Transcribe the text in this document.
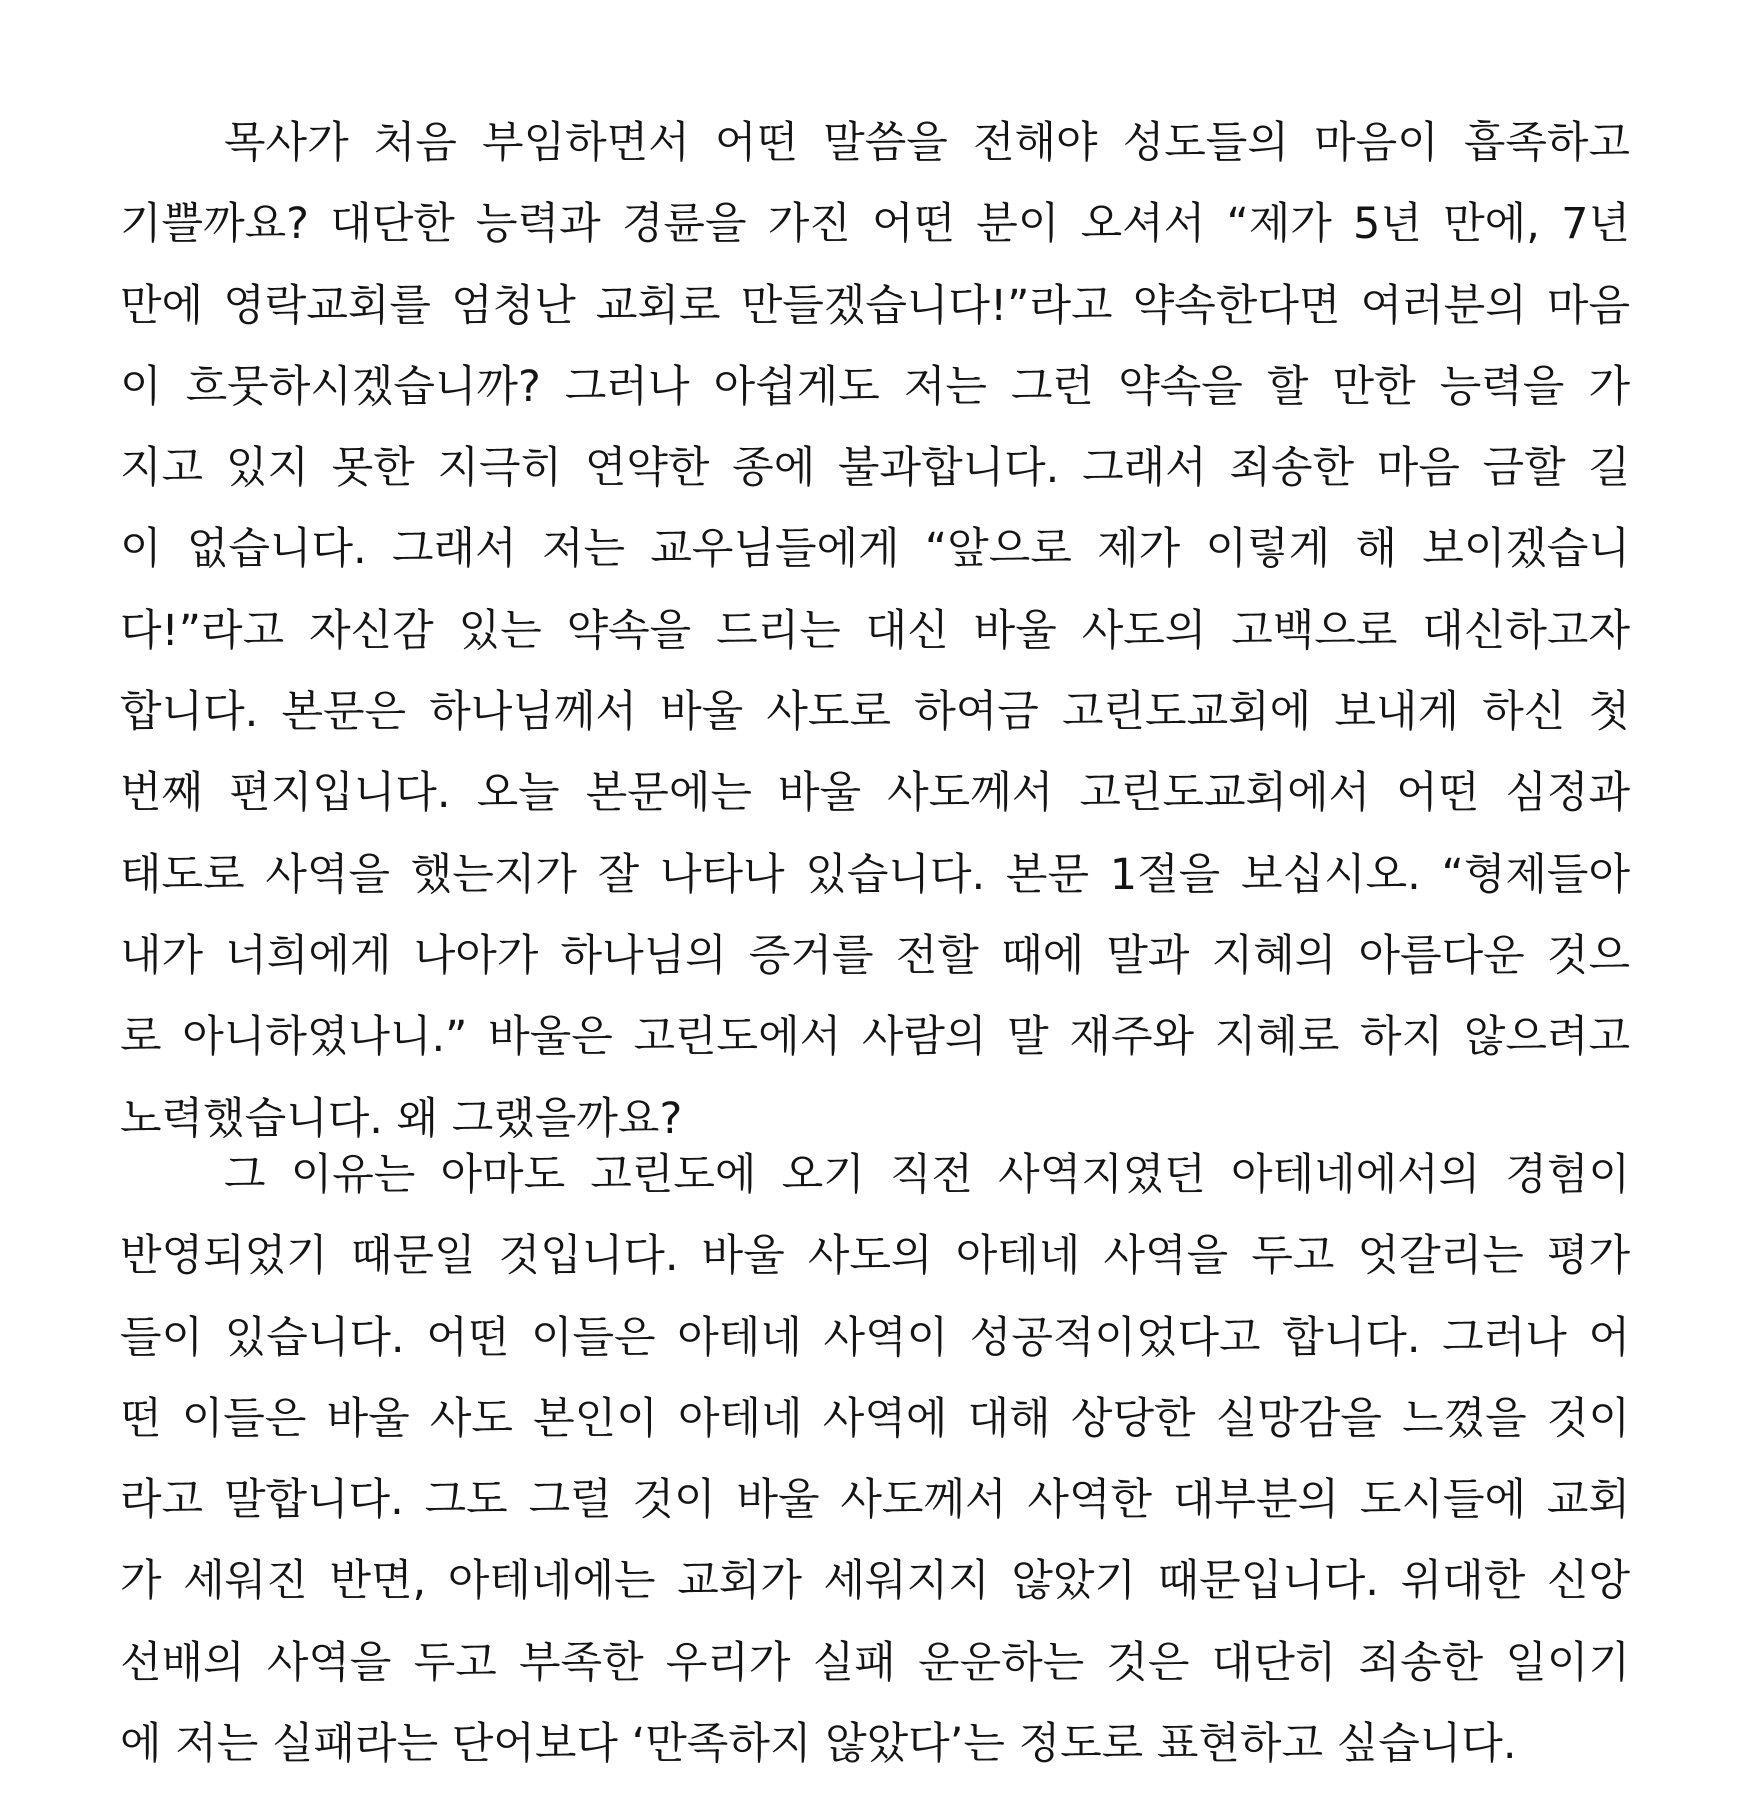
목사가 처음 부임하면서 어떤 말씀을 전해야 성도들의 마음이 흡족하고
기쁠까요? 대단한 능력과 경륜을 가진 어떤 분이 오셔서 “제가 5년 만에, 7년
만에 영락교회를 엄청난 교회로 만들겠습니다!”라고 약속한다면 여러분의 마음
이 흐뭇하시겠습니까? 그러나 아쉽게도 저는 그런 약속을 할 만한 능력을 가
지고 있지 못한 지극히 연약한 종에 불과합니다. 그래서 죄송한 마음 금할 길
이 없습니다. 그래서 저는 교우님들에게 “앞으로 제가 이렇게 해 보이겠습니
다!”라고 자신감 있는 약속을 드리는 대신 바울 사도의 고백으로 대신하고자
합니다. 본문은 하나님께서 바울 사도로 하여금 고린도교회에 보내게 하신 첫
번째 편지입니다. 오늘 본문에는 바울 사도께서 고린도교회에서 어떤 심정과
태도로 사역을 했는지가 잘 나타나 있습니다. 본문 1절을 보십시오. “형제들아
내가 너희에게 나아가 하나님의 증거를 전할 때에 말과 지혜의 아름다운 것으
로 아니하였나니.” 바울은 고린도에서 사람의 말 재주와 지혜로 하지 않으려고
노력했습니다. 왜 그랬을까요?
그 이유는 아마도 고린도에 오기 직전 사역지였던 아테네에서의 경험이
반영되었기 때문일 것입니다. 바울 사도의 아테네 사역을 두고 엇갈리는 평가
들이 있습니다. 어떤 이들은 아테네 사역이 성공적이었다고 합니다. 그러나 어
떤 이들은 바울 사도 본인이 아테네 사역에 대해 상당한 실망감을 느꼈을 것이
라고 말합니다. 그도 그럴 것이 바울 사도께서 사역한 대부분의 도시들에 교회
가 세워진 반면, 아테네에는 교회가 세워지지 않았기 때문입니다. 위대한 신앙
선배의 사역을 두고 부족한 우리가 실패 운운하는 것은 대단히 죄송한 일이기
에 저는 실패라는 단어보다 ‘만족하지 않았다’는 정도로 표현하고 싶습니다.
